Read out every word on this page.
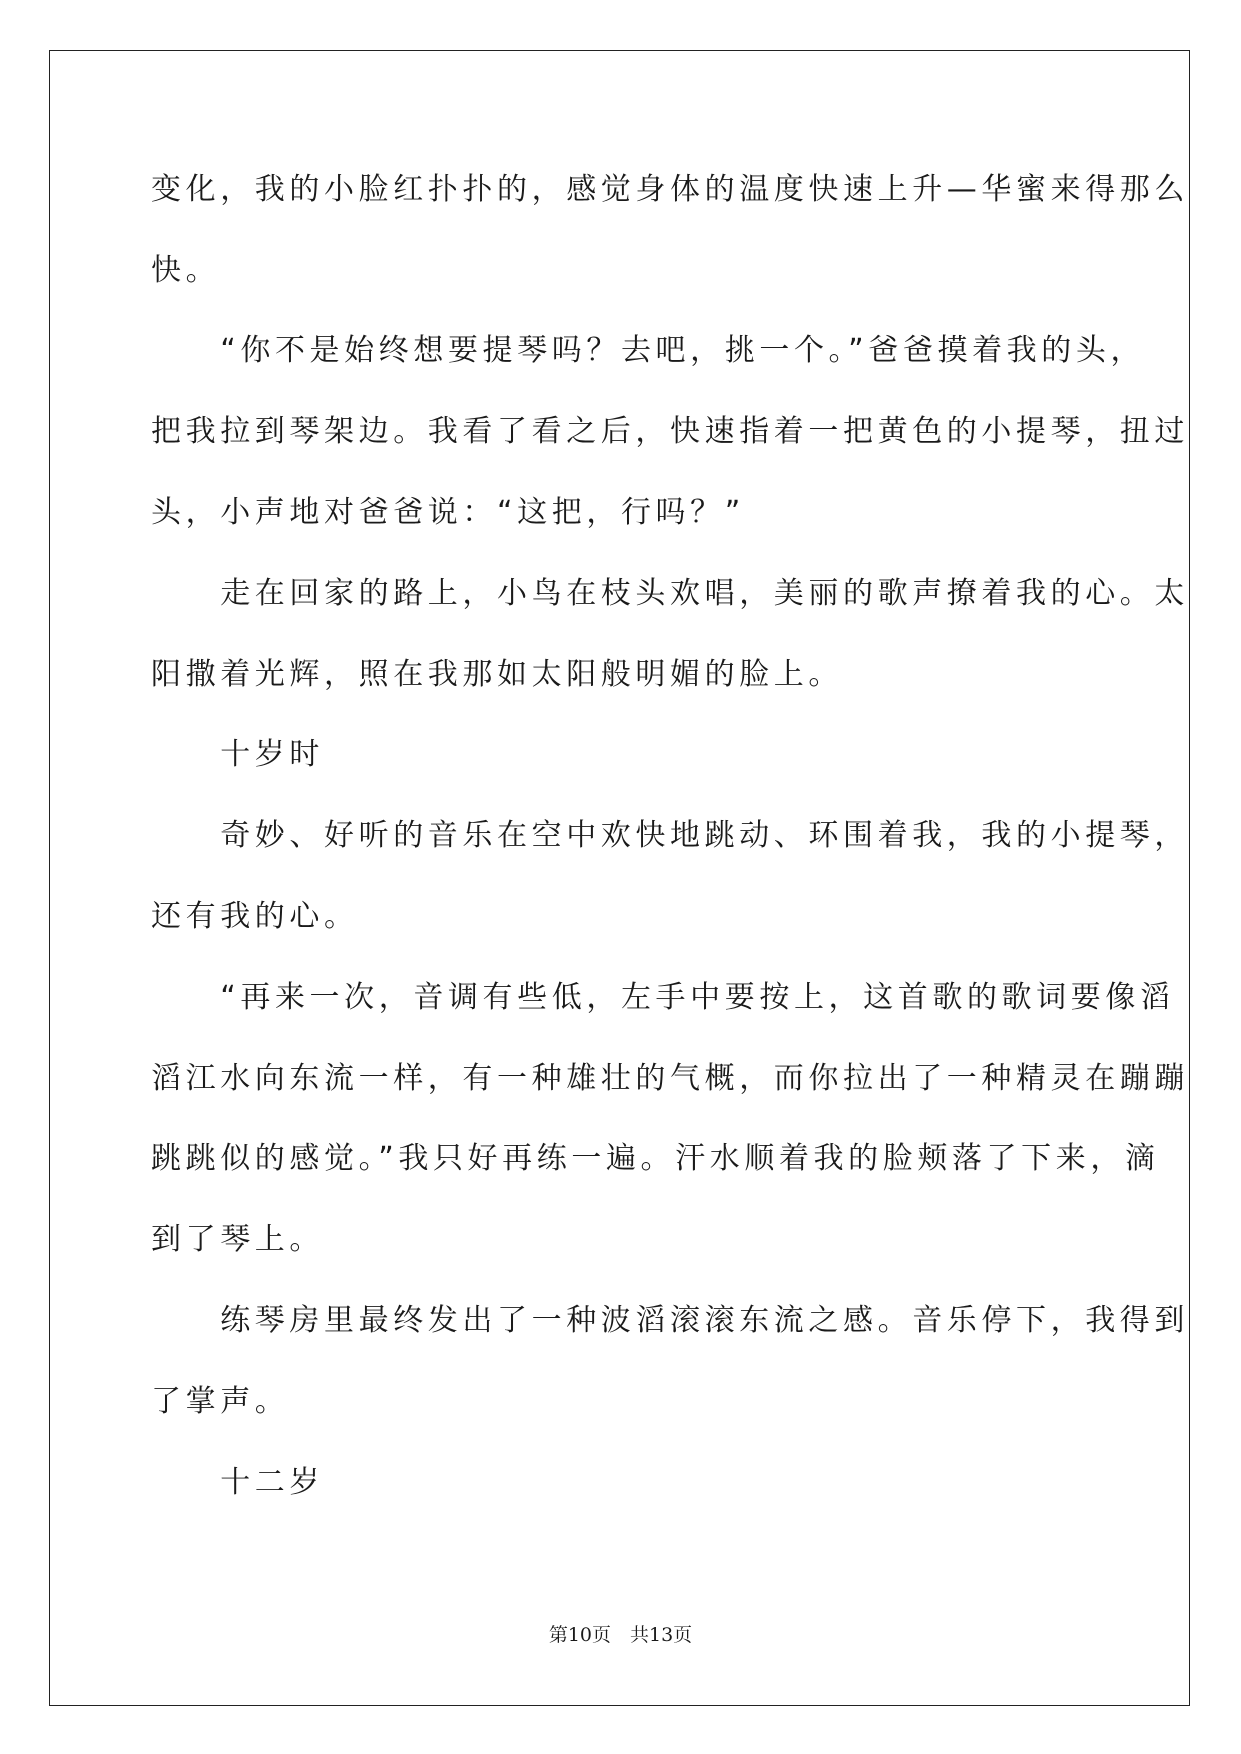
变化，我的小脸红扑扑的，感觉身体的温度快速上升—华蜜来得那么
快。
　　“你不是始终想要提琴吗？去吧，挑一个。”爸爸摸着我的头，
把我拉到琴架边。我看了看之后，快速指着一把黄色的小提琴，扭过
头，小声地对爸爸说：“这把，行吗？”
　　走在回家的路上，小鸟在枝头欢唱，美丽的歌声撩着我的心。太
阳撒着光辉，照在我那如太阳般明媚的脸上。
　　十岁时
　　奇妙、好听的音乐在空中欢快地跳动、环围着我，我的小提琴，
还有我的心。
　　“再来一次，音调有些低，左手中要按上，这首歌的歌词要像滔
滔江水向东流一样，有一种雄壮的气概，而你拉出了一种精灵在蹦蹦
跳跳似的感觉。”我只好再练一遍。汗水顺着我的脸颊落了下来，滴
到了琴上。
　　练琴房里最终发出了一种波滔滚滚东流之感。音乐停下，我得到
了掌声。
　　十二岁
第10页　共13页
